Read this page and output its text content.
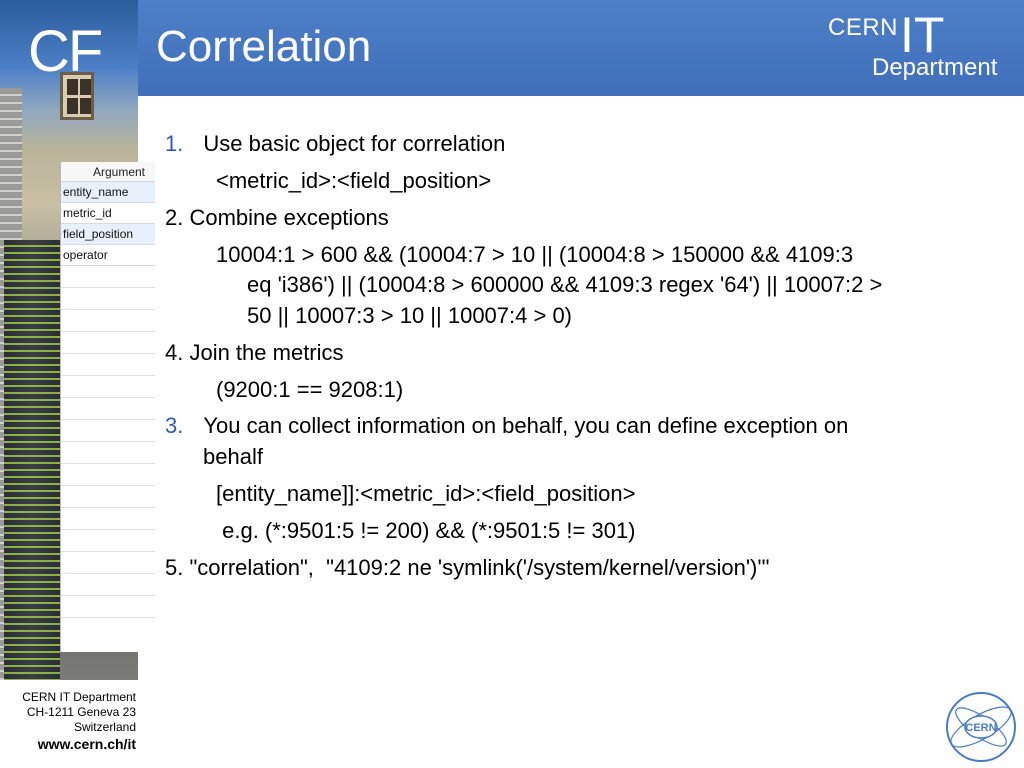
CF
Argument
entity_name
metric_id
field_position
operator
Correlation	CERN IT
Department
1. Use basic object for correlation
<metric_id>:<field_position>
2. Combine exceptions
10004:1 > 600 && (10004:7 > 10 || (10004:8 > 150000 && 4109:3
eq 'i386') || (10004:8 > 600000 && 4109:3 regex '64') || 10007:2 >
50 || 10007:3 > 10 || 10007:4 > 0)
4. Join the metrics
(9200:1 == 9208:1)
3. You can collect information on behalf, you can define exception on
behalf
[entity_name]]:<metric_id>:<field_position>
e.g. (*:9501:5 != 200) && (*:9501:5 != 301)
5. "correlation",  "4109:2 ne 'symlink('/system/kernel/version')'"
CERN IT Department
CH-1211 Geneva 23
Switzerland
www.cern.ch/it
CERN
